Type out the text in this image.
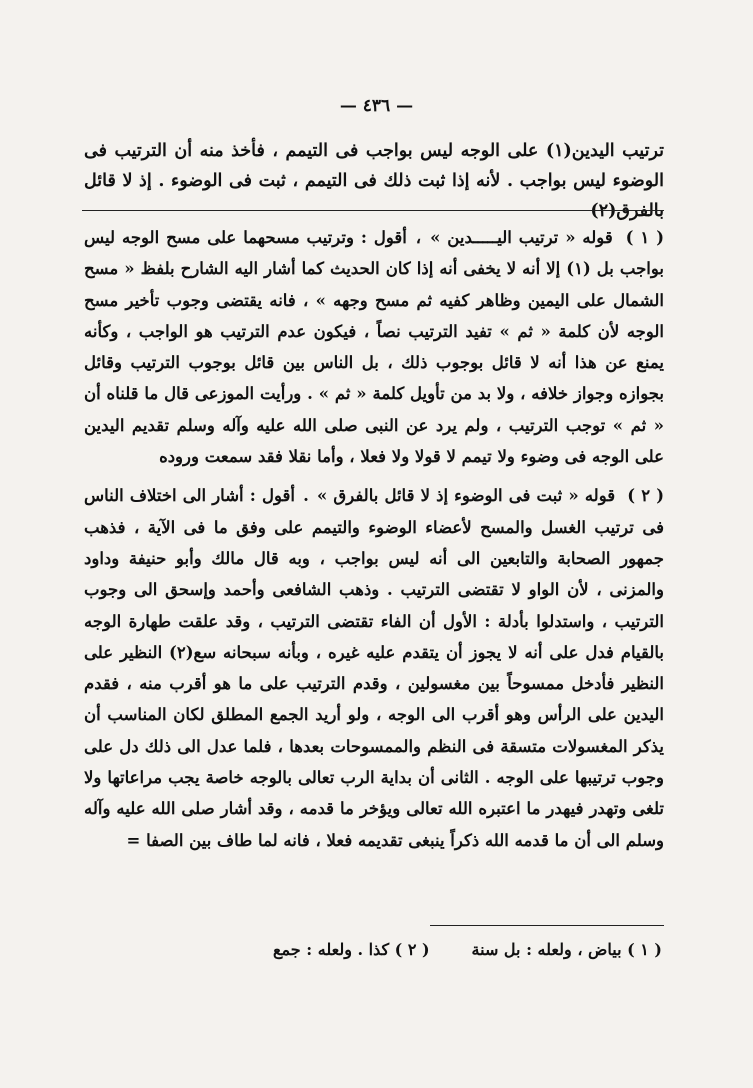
— ٤٣٦ —

ترتيب اليدين(١) على الوجه ليس بواجب فى التيمم ، فأخذ منه أن الترتيب فى الوضوء ليس بواجب . لأنه إذا ثبت ذلك فى التيمم ، ثبت فى الوضوء . إذ لا قائل بالفرق(٢)

( ١ ) قوله « ترتيب اليـــــدين » ، أقول : وترتيب مسحهما على مسح الوجه ليس بواجب بل (١) إلا أنه لا يخفى أنه إذا كان الحديث كما أشار اليه الشارح بلفظ « مسح الشمال على اليمين وظاهر كفيه ثم مسح وجهه » ، فانه يقتضى وجوب تأخير مسح الوجه لأن كلمة « ثم » تفيد الترتيب نصاً ، فيكون عدم الترتيب هو الواجب ، وكأنه يمنع عن هذا أنه لا قائل بوجوب ذلك ، بل الناس بين قائل بوجوب الترتيب وقائل بجوازه وجواز خلافه ، ولا بد من تأويل كلمة « ثم » . ورأيت الموزعى قال ما قلناه أن « ثم » توجب الترتيب ، ولم يرد عن النبى صلى الله عليه وآله وسلم تقديم اليدين على الوجه فى وضوء ولا تيمم لا قولا ولا فعلا ، وأما نقلا فقد سمعت وروده

( ٢ ) قوله « ثبت فى الوضوء إذ لا قائل بالفرق » . أقول : أشار الى اختلاف الناس فى ترتيب الغسل والمسح لأعضاء الوضوء والتيمم على وفق ما فى الآية ، فذهب جمهور الصحابة والتابعين الى أنه ليس بواجب ، وبه قال مالك وأبو حنيفة وداود والمزنى ، لأن الواو لا تقتضى الترتيب . وذهب الشافعى وأحمد وإسحق الى وجوب الترتيب ، واستدلوا بأدلة : الأول أن الفاء تقتضى الترتيب ، وقد علقت طهارة الوجه بالقيام فدل على أنه لا يجوز أن يتقدم عليه غيره ، وبأنه سبحانه سع(٢) النظير على النظير فأدخل ممسوحاً بين مغسولين ، وقدم الترتيب على ما هو أقرب منه ، فقدم اليدين على الرأس وهو أقرب الى الوجه ، ولو أريد الجمع المطلق لكان المناسب أن يذكر المغسولات متسقة فى النظم والممسوحات بعدها ، فلما عدل الى ذلك دل على وجوب ترتيبها على الوجه . الثانى أن بداية الرب تعالى بالوجه خاصة يجب مراعاتها ولا تلغى وتهدر فيهدر ما اعتبره الله تعالى ويؤخر ما قدمه ، وقد أشار صلى الله عليه وآله وسلم الى أن ما قدمه الله ذكراً ينبغى تقديمه فعلا ، فانه لما طاف بين الصفا =

( ١ ) بياض ، ولعله : بل سنة
( ٢ ) كذا . ولعله : جمع
